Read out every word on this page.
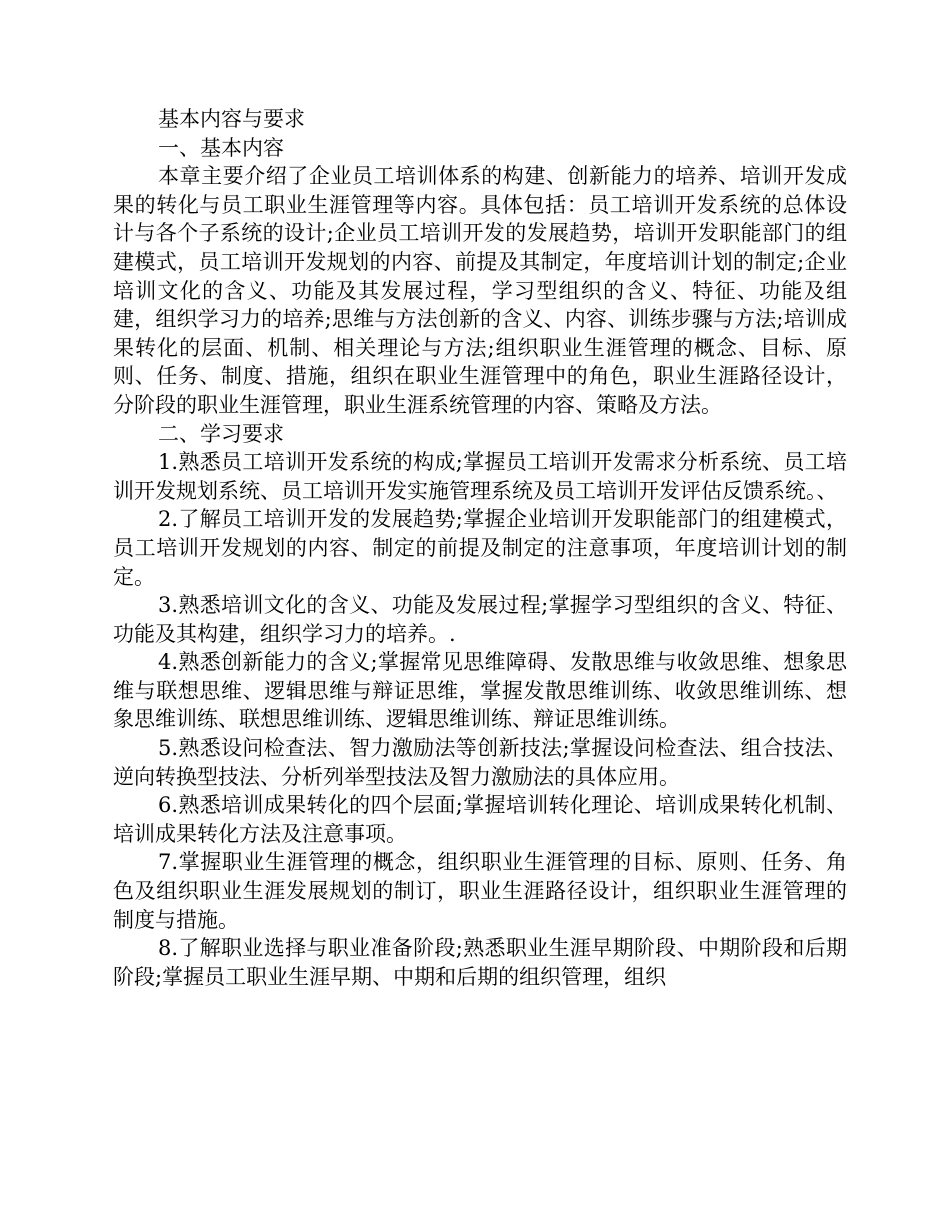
基本内容与要求

一、基本内容

本章主要介绍了企业员工培训体系的构建、创新能力的培养、培训开发成果的转化与员工职业生涯管理等内容。具体包括：员工培训开发系统的总体设计与各个子系统的设计;企业员工培训开发的发展趋势，培训开发职能部门的组建模式，员工培训开发规划的内容、前提及其制定，年度培训计划的制定;企业培训文化的含义、功能及其发展过程，学习型组织的含义、特征、功能及组建，组织学习力的培养;思维与方法创新的含义、内容、训练步骤与方法;培训成果转化的层面、机制、相关理论与方法;组织职业生涯管理的概念、目标、原则、任务、制度、措施，组织在职业生涯管理中的角色，职业生涯路径设计，分阶段的职业生涯管理，职业生涯系统管理的内容、策略及方法。

二、学习要求

1.熟悉员工培训开发系统的构成;掌握员工培训开发需求分析系统、员工培训开发规划系统、员工培训开发实施管理系统及员工培训开发评估反馈系统。、

2.了解员工培训开发的发展趋势;掌握企业培训开发职能部门的组建模式，员工培训开发规划的内容、制定的前提及制定的注意事项，年度培训计划的制定。

3.熟悉培训文化的含义、功能及发展过程;掌握学习型组织的含义、特征、功能及其构建，组织学习力的培养。.

4.熟悉创新能力的含义;掌握常见思维障碍、发散思维与收敛思维、想象思维与联想思维、逻辑思维与辩证思维，掌握发散思维训练、收敛思维训练、想象思维训练、联想思维训练、逻辑思维训练、辩证思维训练。

5.熟悉设问检查法、智力激励法等创新技法;掌握设问检查法、组合技法、逆向转换型技法、分析列举型技法及智力激励法的具体应用。

6.熟悉培训成果转化的四个层面;掌握培训转化理论、培训成果转化机制、培训成果转化方法及注意事项。

7.掌握职业生涯管理的概念，组织职业生涯管理的目标、原则、任务、角色及组织职业生涯发展规划的制订，职业生涯路径设计，组织职业生涯管理的制度与措施。

8.了解职业选择与职业准备阶段;熟悉职业生涯早期阶段、中期阶段和后期阶段;掌握员工职业生涯早期、中期和后期的组织管理，组织
